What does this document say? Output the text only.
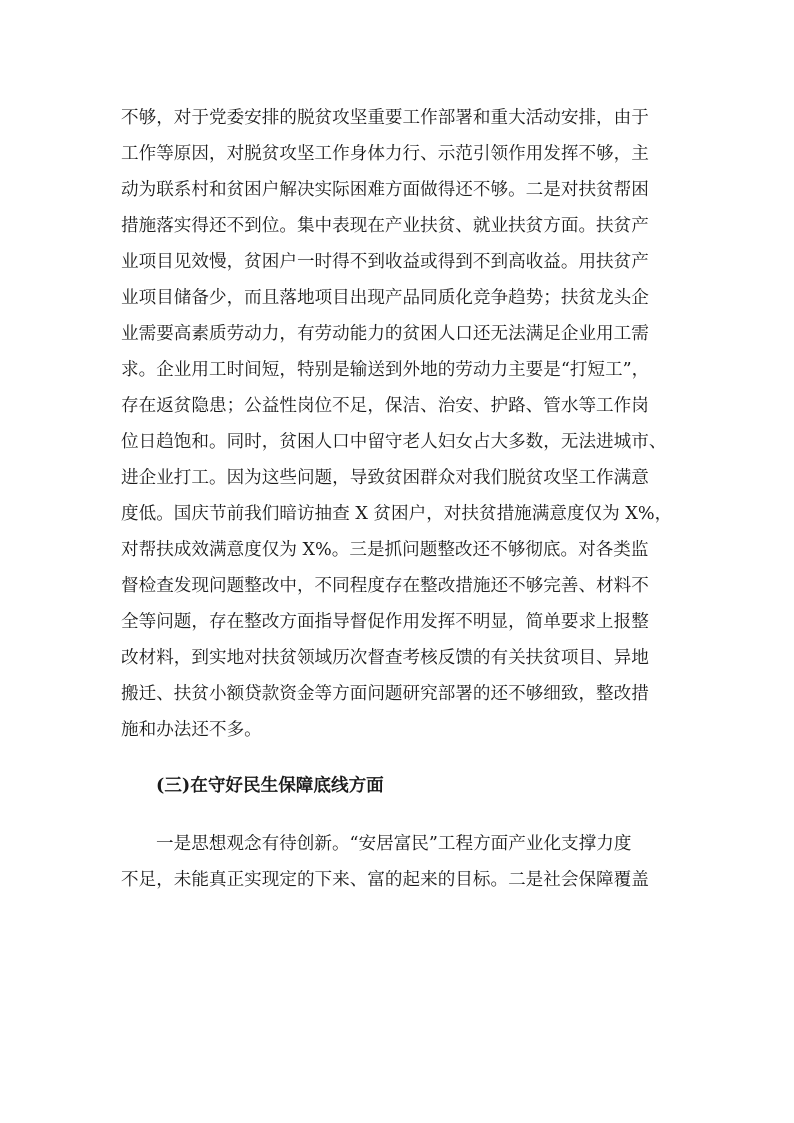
不够，对于党委安排的脱贫攻坚重要工作部署和重大活动安排，由于
工作等原因，对脱贫攻坚工作身体力行、示范引领作用发挥不够，主
动为联系村和贫困户解决实际困难方面做得还不够。二是对扶贫帮困
措施落实得还不到位。集中表现在产业扶贫、就业扶贫方面。扶贫产
业项目见效慢，贫困户一时得不到收益或得到不到高收益。用扶贫产
业项目储备少，而且落地项目出现产品同质化竞争趋势；扶贫龙头企
业需要高素质劳动力，有劳动能力的贫困人口还无法满足企业用工需
求。企业用工时间短，特别是输送到外地的劳动力主要是“打短工”，
存在返贫隐患；公益性岗位不足，保洁、治安、护路、管水等工作岗
位日趋饱和。同时，贫困人口中留守老人妇女占大多数，无法进城市、
进企业打工。因为这些问题，导致贫困群众对我们脱贫攻坚工作满意
度低。国庆节前我们暗访抽查 X 贫困户，对扶贫措施满意度仅为 X%，
对帮扶成效满意度仅为 X%。三是抓问题整改还不够彻底。对各类监
督检查发现问题整改中，不同程度存在整改措施还不够完善、材料不
全等问题，存在整改方面指导督促作用发挥不明显，简单要求上报整
改材料，到实地对扶贫领域历次督查考核反馈的有关扶贫项目、异地
搬迁、扶贫小额贷款资金等方面问题研究部署的还不够细致，整改措
施和办法还不多。
(三)在守好民生保障底线方面
一是思想观念有待创新。“安居富民”工程方面产业化支撑力度
不足，未能真正实现定的下来、富的起来的目标。二是社会保障覆盖
